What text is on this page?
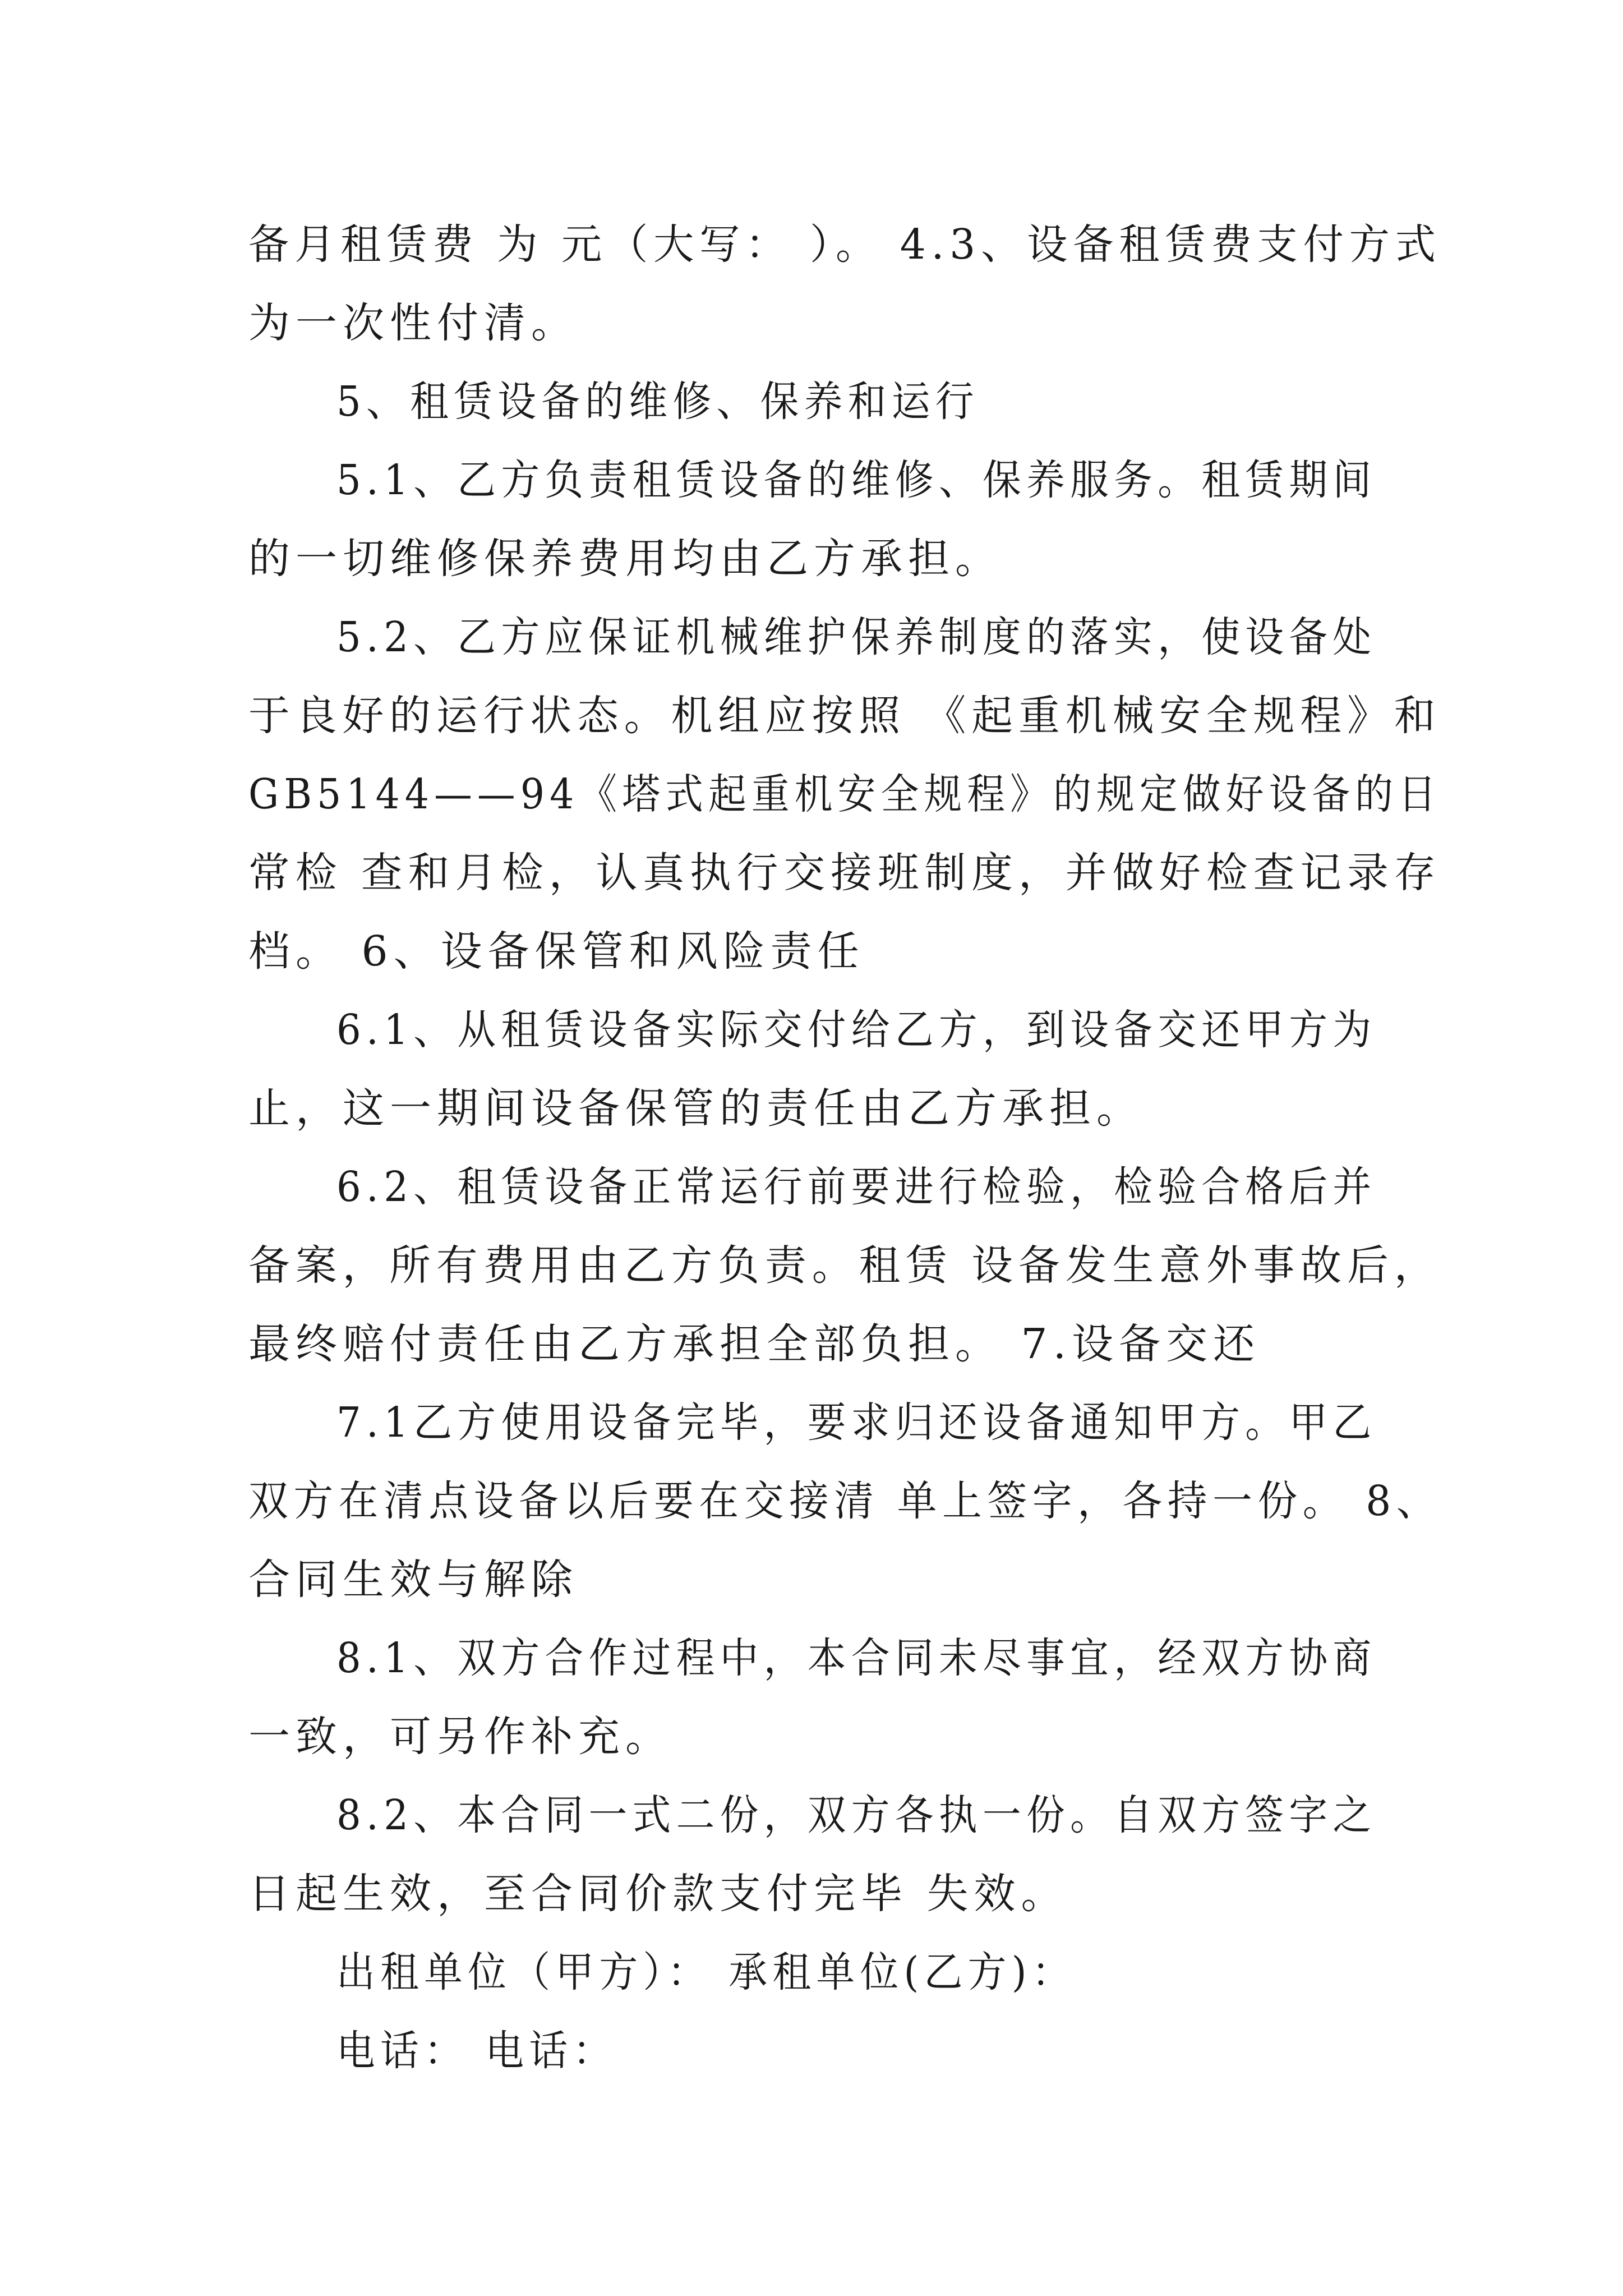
备月租赁费 为 元（大写： ）。 4.3、设备租赁费支付方式
为一次性付清。
5、租赁设备的维修、保养和运行
5.1、乙方负责租赁设备的维修、保养服务。租赁期间
的一切维修保养费用均由乙方承担。
5.2、乙方应保证机械维护保养制度的落实，使设备处
于良好的运行状态。机组应按照 《起重机械安全规程》和
GB5144——94《塔式起重机安全规程》的规定做好设备的日
常检 查和月检，认真执行交接班制度，并做好检查记录存
档。 6、设备保管和风险责任
6.1、从租赁设备实际交付给乙方，到设备交还甲方为
止，这一期间设备保管的责任由乙方承担。
6.2、租赁设备正常运行前要进行检验，检验合格后并
备案，所有费用由乙方负责。租赁 设备发生意外事故后，
最终赔付责任由乙方承担全部负担。 7.设备交还
7.1乙方使用设备完毕，要求归还设备通知甲方。甲乙
双方在清点设备以后要在交接清 单上签字，各持一份。 8、
合同生效与解除
8.1、双方合作过程中，本合同未尽事宜，经双方协商
一致，可另作补充。
8.2、本合同一式二份，双方各执一份。自双方签字之
日起生效，至合同价款支付完毕 失效。
出租单位（甲方）： 承租单位(乙方)：
电话： 电话：
